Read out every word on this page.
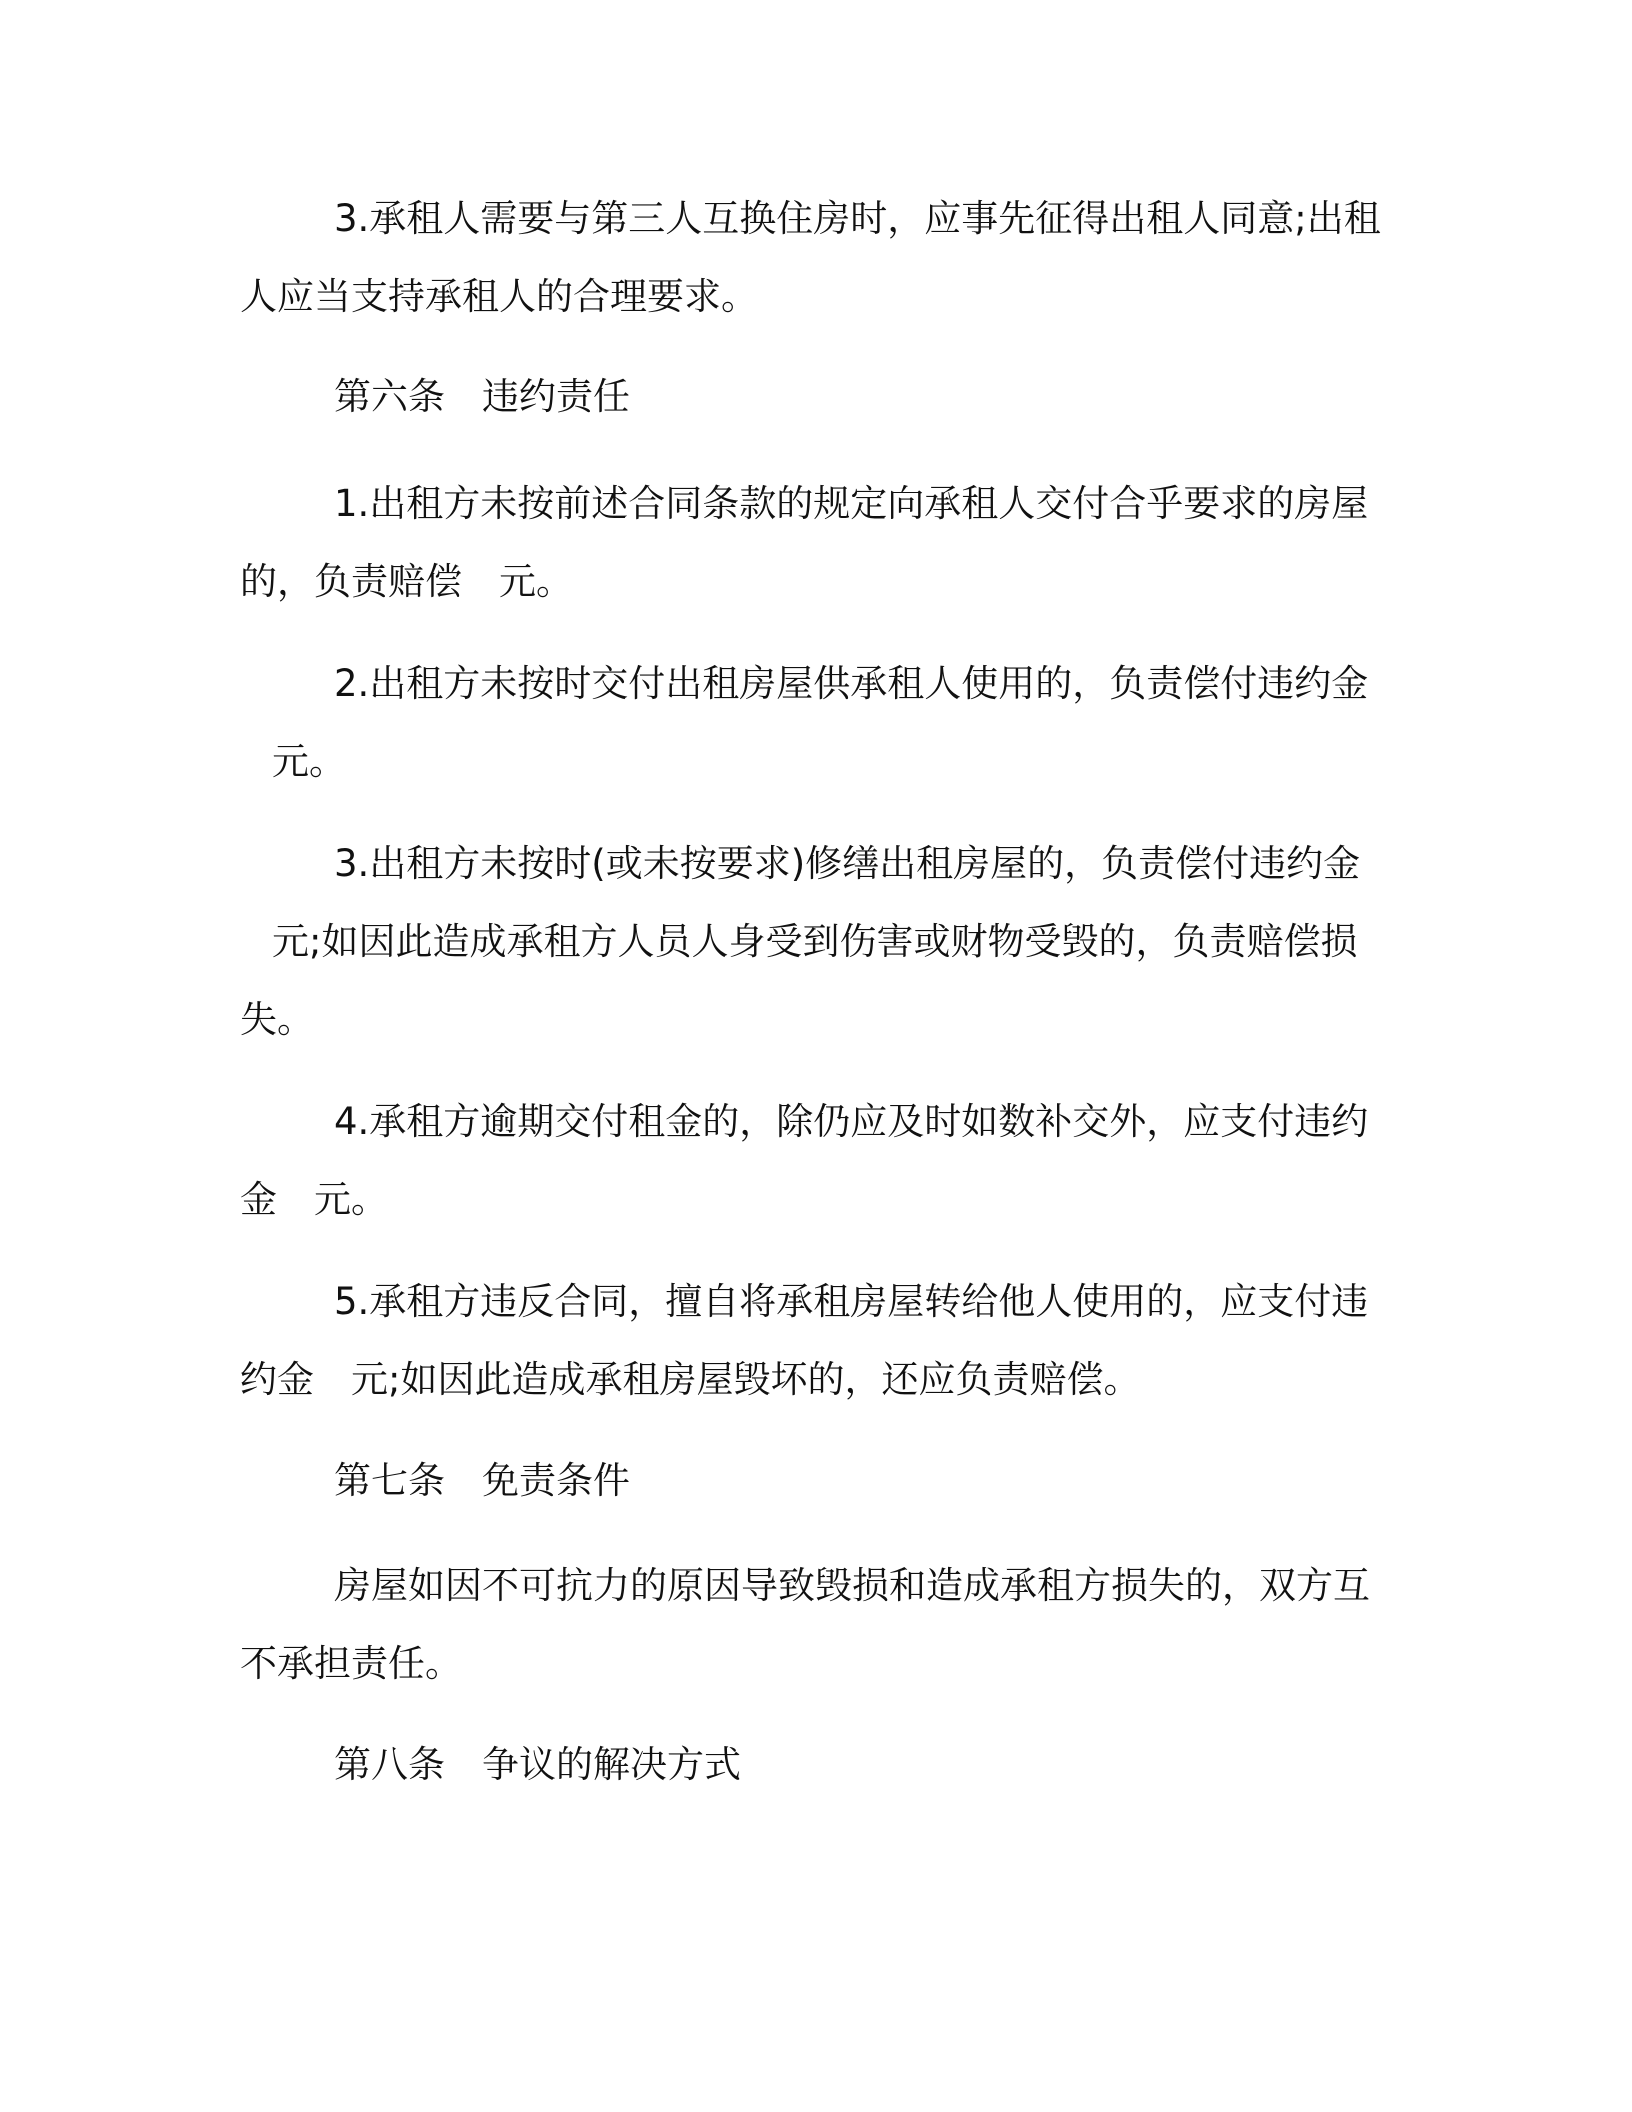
3.承租人需要与第三人互换住房时，应事先征得出租人同意;出租
人应当支持承租人的合理要求。
第六条　违约责任
1.出租方未按前述合同条款的规定向承租人交付合乎要求的房屋
的，负责赔偿　元。
2.出租方未按时交付出租房屋供承租人使用的，负责偿付违约金
元。
3.出租方未按时(或未按要求)修缮出租房屋的，负责偿付违约金
元;如因此造成承租方人员人身受到伤害或财物受毁的，负责赔偿损
失。
4.承租方逾期交付租金的，除仍应及时如数补交外，应支付违约
金　元。
5.承租方违反合同，擅自将承租房屋转给他人使用的，应支付违
约金　元;如因此造成承租房屋毁坏的，还应负责赔偿。
第七条　免责条件
房屋如因不可抗力的原因导致毁损和造成承租方损失的，双方互
不承担责任。
第八条　争议的解决方式
